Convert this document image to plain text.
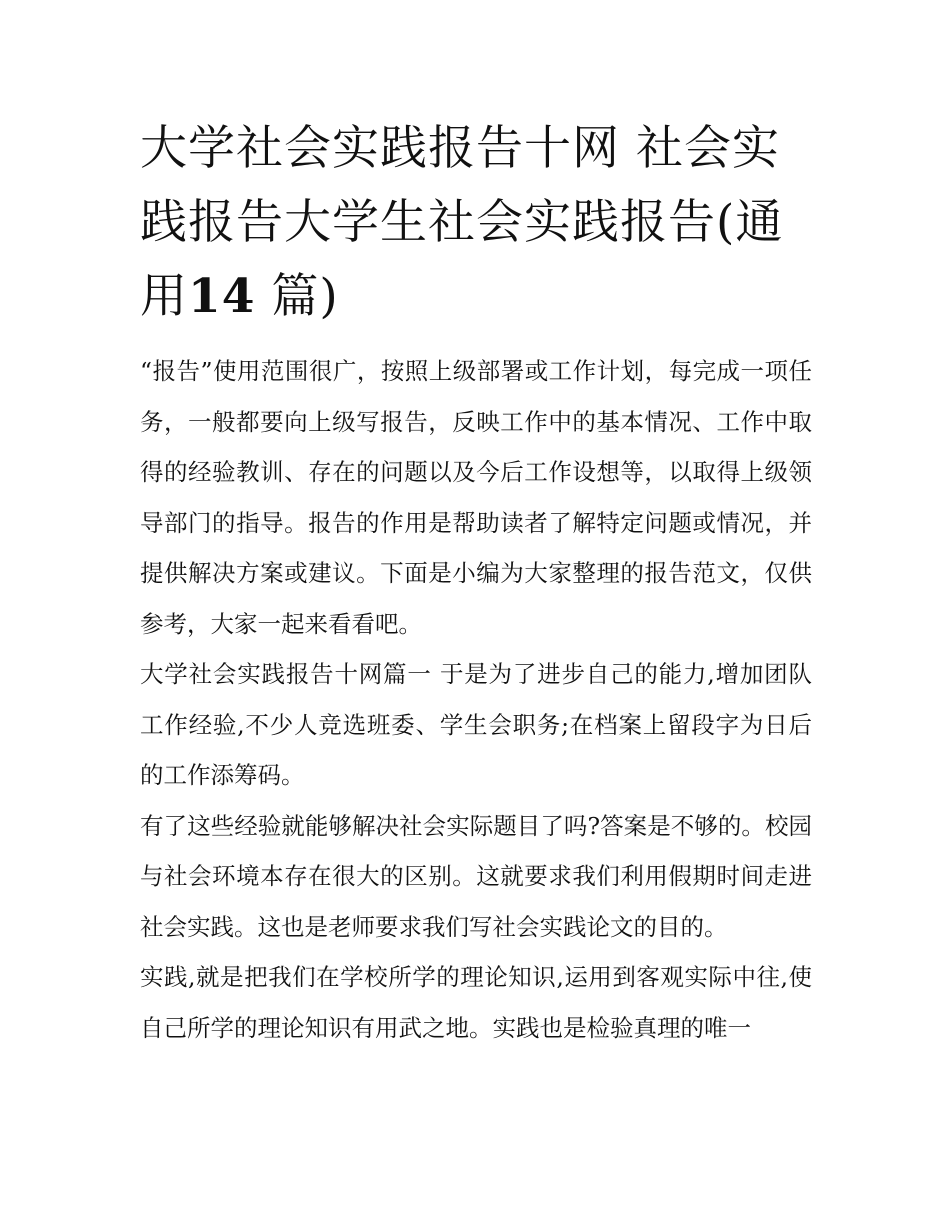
大学社会实践报告十网 社会实践报告大学生社会实践报告(通用14 篇)

“报告”使用范围很广，按照上级部署或工作计划，每完成一项任务，一般都要向上级写报告，反映工作中的基本情况、工作中取得的经验教训、存在的问题以及今后工作设想等，以取得上级领导部门的指导。报告的作用是帮助读者了解特定问题或情况，并提供解决方案或建议。下面是小编为大家整理的报告范文，仅供参考，大家一起来看看吧。

大学社会实践报告十网篇一 于是为了进步自己的能力,增加团队工作经验,不少人竞选班委、学生会职务;在档案上留段字为日后的工作添筹码。

有了这些经验就能够解决社会实际题目了吗?答案是不够的。校园与社会环境本存在很大的区别。这就要求我们利用假期时间走进社会实践。这也是老师要求我们写社会实践论文的目的。

实践,就是把我们在学校所学的理论知识,运用到客观实际中往,使自己所学的理论知识有用武之地。实践也是检验真理的唯一
